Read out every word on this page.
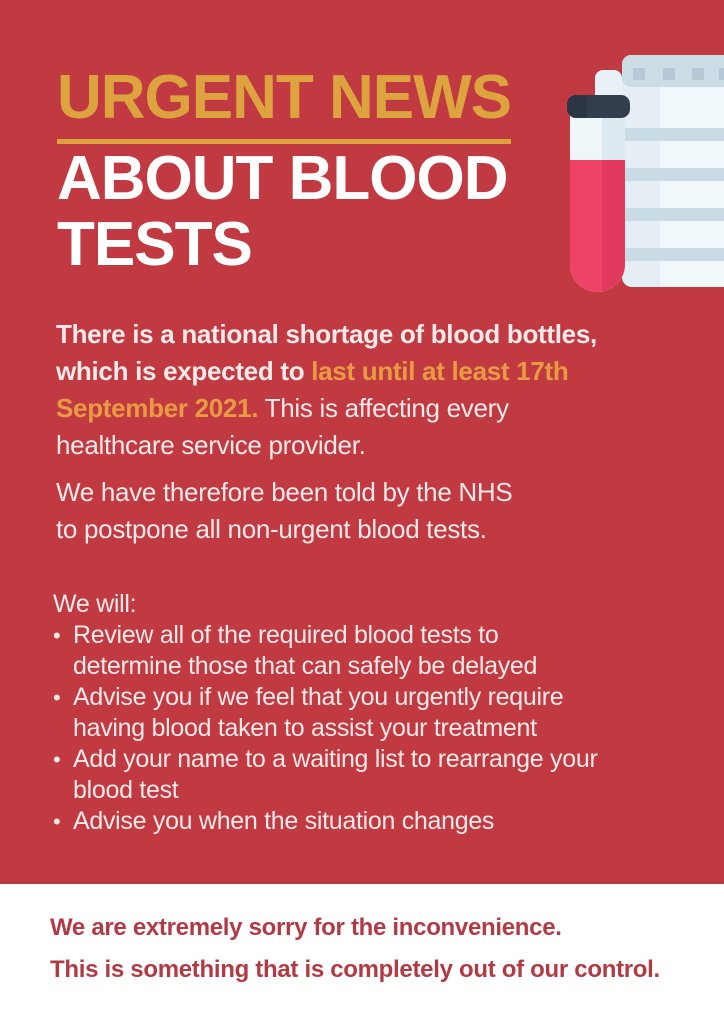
URGENT NEWS
ABOUT BLOOD
TESTS
There is a national shortage of blood bottles,
which is expected to last until at least 17th
September 2021. This is affecting every
healthcare service provider.
We have therefore been told by the NHS
to postpone all non-urgent blood tests.
We will:
• Review all of the required blood tests to
determine those that can safely be delayed
• Advise you if we feel that you urgently require
having blood taken to assist your treatment
• Add your name to a waiting list to rearrange your
blood test
• Advise you when the situation changes
We are extremely sorry for the inconvenience.
This is something that is completely out of our control.
